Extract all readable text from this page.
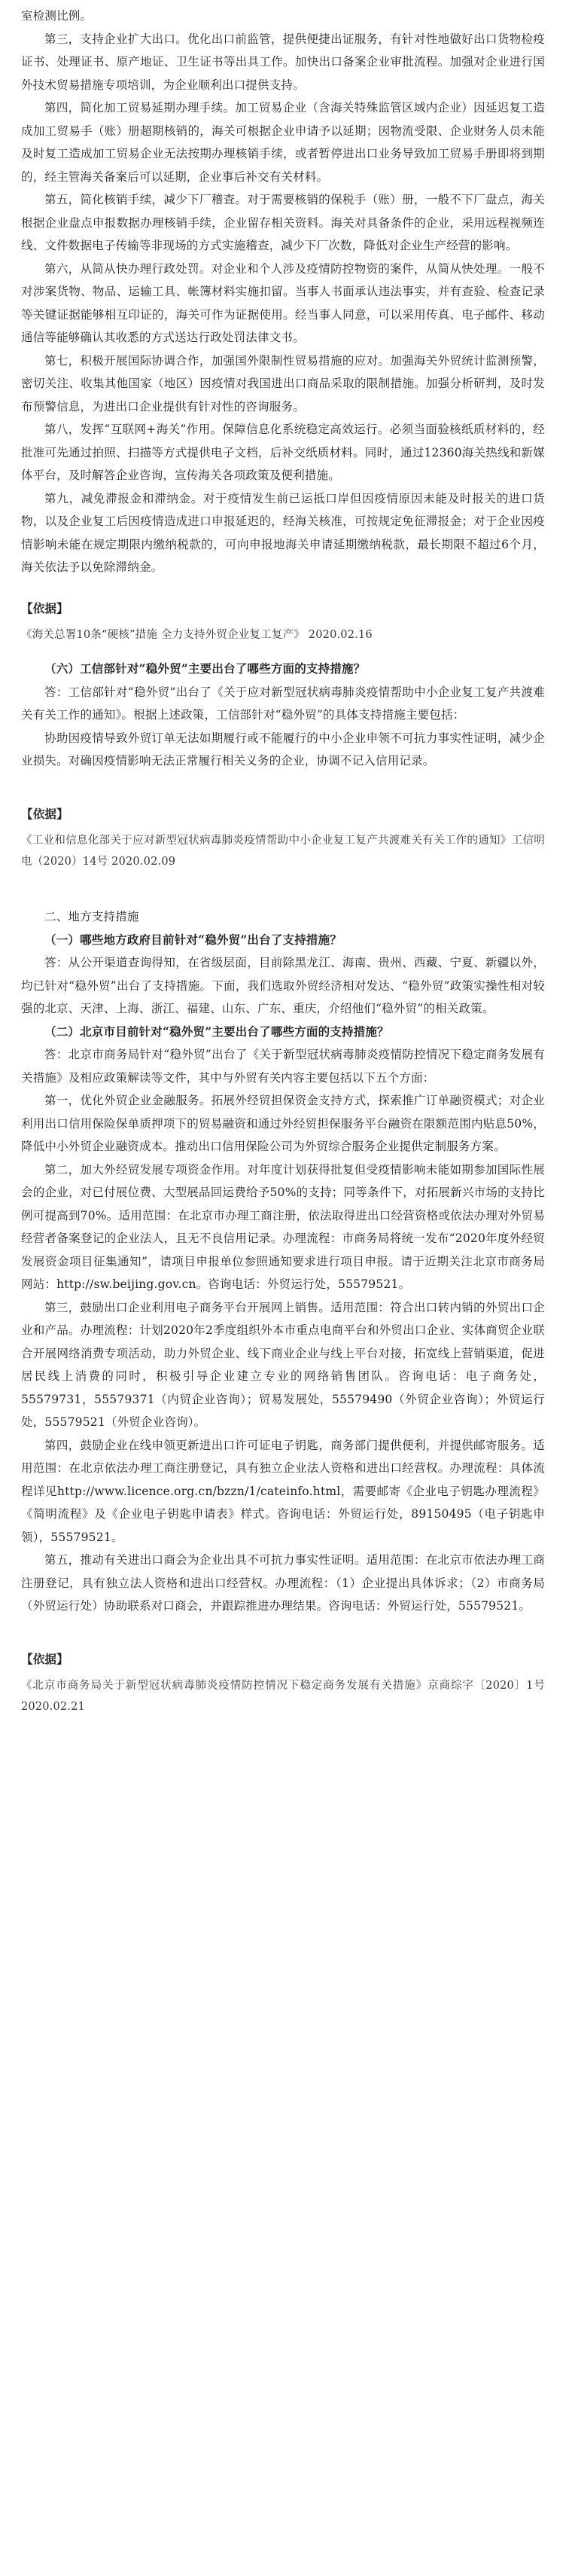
室检测比例。

第三，支持企业扩大出口。优化出口前监管，提供便捷出证服务，有针对性地做好出口货物检疫证书、处理证书、原产地证、卫生证书等出具工作。加快出口备案企业审批流程。加强对企业进行国外技术贸易措施专项培训，为企业顺利出口提供支持。

第四，简化加工贸易延期办理手续。加工贸易企业（含海关特殊监管区域内企业）因延迟复工造成加工贸易手（账）册超期核销的，海关可根据企业申请予以延期；因物流受限、企业财务人员未能及时复工造成加工贸易企业无法按期办理核销手续，或者暂停进出口业务导致加工贸易手册即将到期的，经主管海关备案后可以延期，企业事后补交有关材料。

第五，简化核销手续，减少下厂稽查。对于需要核销的保税手（账）册，一般不下厂盘点，海关根据企业盘点申报数据办理核销手续，企业留存相关资料。海关对具备条件的企业，采用远程视频连线、文件数据电子传输等非现场的方式实施稽查，减少下厂次数，降低对企业生产经营的影响。

第六，从简从快办理行政处罚。对企业和个人涉及疫情防控物资的案件，从简从快处理。一般不对涉案货物、物品、运输工具、帐簿材料实施扣留。当事人书面承认违法事实，并有查验、检查记录等关键证据能够相互印证的，海关可作为证据使用。经当事人同意，可以采用传真、电子邮件、移动通信等能够确认其收悉的方式送达行政处罚法律文书。

第七，积极开展国际协调合作，加强国外限制性贸易措施的应对。加强海关外贸统计监测预警，密切关注、收集其他国家（地区）因疫情对我国进出口商品采取的限制措施。加强分析研判，及时发布预警信息，为进出口企业提供有针对性的咨询服务。

第八，发挥“互联网+海关”作用。保障信息化系统稳定高效运行。必须当面验核纸质材料的，经批准可先通过拍照、扫描等方式提供电子文档，后补交纸质材料。同时，通过12360海关热线和新媒体平台，及时解答企业咨询，宣传海关各项政策及便利措施。

第九，减免滞报金和滞纳金。对于疫情发生前已运抵口岸但因疫情原因未能及时报关的进口货物，以及企业复工后因疫情造成进口申报延迟的，经海关核准，可按规定免征滞报金；对于企业因疫情影响未能在规定期限内缴纳税款的，可向申报地海关申请延期缴纳税款，最长期限不超过6个月，海关依法予以免除滞纳金。

【依据】

《海关总署10条“硬核”措施 全力支持外贸企业复工复产》 2020.02.16

（六）工信部针对“稳外贸”主要出台了哪些方面的支持措施？

答：工信部针对“稳外贸”出台了《关于应对新型冠状病毒肺炎疫情帮助中小企业复工复产共渡难关有关工作的通知》。根据上述政策，工信部针对“稳外贸”的具体支持措施主要包括：

协助因疫情导致外贸订单无法如期履行或不能履行的中小企业申领不可抗力事实性证明，减少企业损失。对确因疫情影响无法正常履行相关义务的企业，协调不记入信用记录。

【依据】

《工业和信息化部关于应对新型冠状病毒肺炎疫情帮助中小企业复工复产共渡难关有关工作的通知》工信明电（2020）14号 2020.02.09

二、地方支持措施

（一）哪些地方政府目前针对“稳外贸”出台了支持措施？

答：从公开渠道查询得知，在省级层面，目前除黑龙江、海南、贵州、西藏、宁夏、新疆以外，均已针对“稳外贸”出台了支持措施。下面，我们选取外贸经济相对发达、“稳外贸”政策实操性相对较强的北京、天津、上海、浙江、福建、山东、广东、重庆，介绍他们“稳外贸”的相关政策。

（二）北京市目前针对“稳外贸”主要出台了哪些方面的支持措施？

答：北京市商务局针对“稳外贸”出台了《关于新型冠状病毒肺炎疫情防控情况下稳定商务发展有关措施》及相应政策解读等文件，其中与外贸有关内容主要包括以下五个方面：

第一，优化外贸企业金融服务。拓展外经贸担保资金支持方式，探索推广订单融资模式；对企业利用出口信用保险保单质押项下的贸易融资和通过外经贸担保服务平台融资在限额范围内贴息50%，降低中小外贸企业融资成本。推动出口信用保险公司为外贸综合服务企业提供定制服务方案。

第二，加大外经贸发展专项资金作用。对年度计划获得批复但受疫情影响未能如期参加国际性展会的企业，对已付展位费、大型展品回运费给予50%的支持；同等条件下，对拓展新兴市场的支持比例可提高到70%。适用范围：在北京市办理工商注册，依法取得进出口经营资格或依法办理对外贸易经营者备案登记的企业法人，且无不良信用记录。办理流程：市商务局将统一发布“2020年度外经贸发展资金项目征集通知”，请项目申报单位参照通知要求进行项目申报。请于近期关注北京市商务局网站：http://sw.beijing.gov.cn。咨询电话：外贸运行处，55579521。

第三，鼓励出口企业利用电子商务平台开展网上销售。适用范围：符合出口转内销的外贸出口企业和产品。办理流程：计划2020年2季度组织外本市重点电商平台和外贸出口企业、实体商贸企业联合开展网络消费专项活动，助力外贸企业、线下商业企业与线上平台对接，拓宽线上营销渠道，促进居民线上消费的同时，积极引导企业建立专业的网络销售团队。咨询电话：电子商务处，55579731，55579371（内贸企业咨询）；贸易发展处，55579490（外贸企业咨询）；外贸运行处，55579521（外贸企业咨询）。

第四，鼓励企业在线申领更新进出口许可证电子钥匙，商务部门提供便利，并提供邮寄服务。适用范围：在北京依法办理工商注册登记，具有独立企业法人资格和进出口经营权。办理流程：具体流程详见http://www.licence.org.cn/bzzn/1/cateinfo.html，需要邮寄《企业电子钥匙办理流程》《简明流程》及《企业电子钥匙申请表》样式。咨询电话：外贸运行处，89150495（电子钥匙申领），55579521。

第五，推动有关进出口商会为企业出具不可抗力事实性证明。适用范围：在北京市依法办理工商注册登记，具有独立法人资格和进出口经营权。办理流程：（1）企业提出具体诉求；（2）市商务局（外贸运行处）协助联系对口商会，并跟踪推进办理结果。咨询电话：外贸运行处，55579521。

【依据】

《北京市商务局关于新型冠状病毒肺炎疫情防控情况下稳定商务发展有关措施》京商综字〔2020〕1号 2020.02.21
